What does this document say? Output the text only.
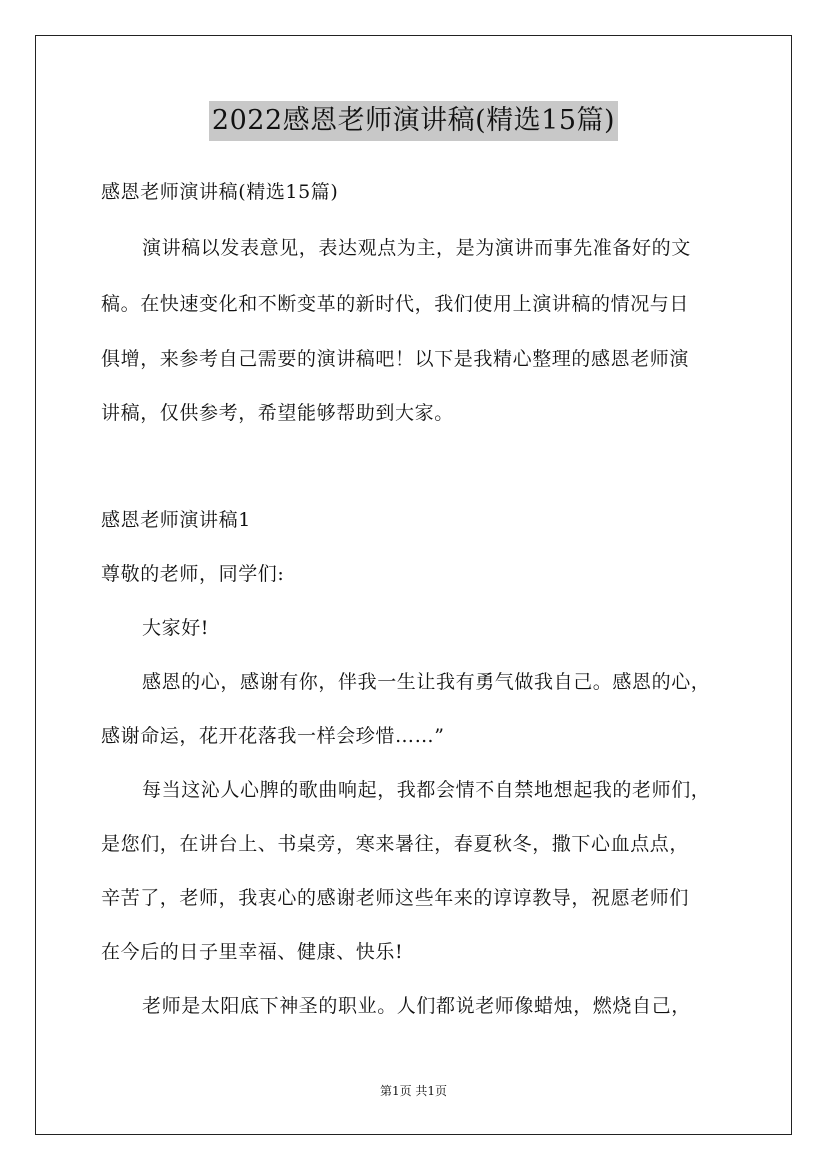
2022感恩老师演讲稿(精选15篇)
感恩老师演讲稿(精选15篇)
演讲稿以发表意见，表达观点为主，是为演讲而事先准备好的文
稿。在快速变化和不断变革的新时代，我们使用上演讲稿的情况与日
俱增，来参考自己需要的演讲稿吧！以下是我精心整理的感恩老师演
讲稿，仅供参考，希望能够帮助到大家。
感恩老师演讲稿1
尊敬的老师，同学们:
大家好!
感恩的心，感谢有你，伴我一生让我有勇气做我自己。感恩的心，
感谢命运，花开花落我一样会珍惜……”
每当这沁人心脾的歌曲响起，我都会情不自禁地想起我的老师们，
是您们，在讲台上、书桌旁，寒来暑往，春夏秋冬，撒下心血点点，
辛苦了，老师，我衷心的感谢老师这些年来的谆谆教导，祝愿老师们
在今后的日子里幸福、健康、快乐!
老师是太阳底下神圣的职业。人们都说老师像蜡烛，燃烧自己，
第1页 共1页
